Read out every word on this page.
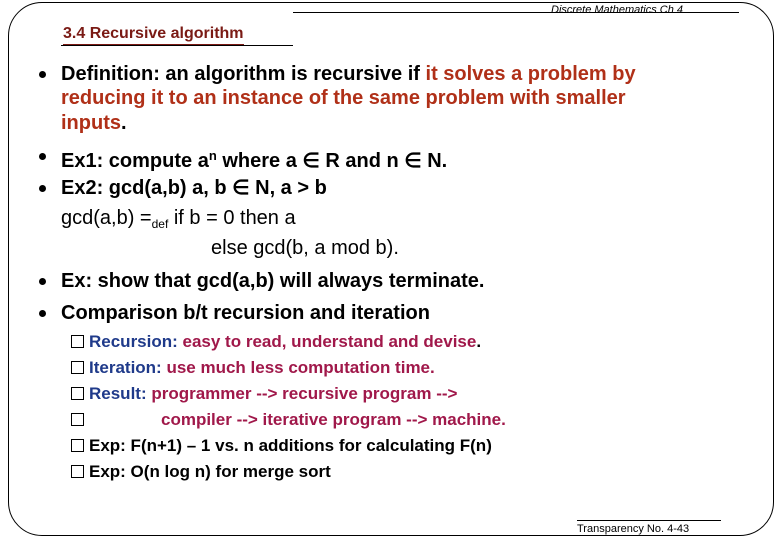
Discrete Mathematics Ch 4
3.4 Recursive algorithm
Definition: an algorithm is recursive if it solves a problem by
reducing it to an instance of the same problem with smaller
inputs.
Ex1: compute $a^n$ where a ∈ R and n ∈ N.
Ex2: gcd(a,b) a, b ∈ N, a > b
$\gcd(a,b) =_{def}$ if b = 0 then a
else gcd(b, a mod b).
Ex: show that gcd(a,b) will always terminate.
Comparison b/t recursion and iteration
Recursion: easy to read, understand and devise.
Iteration: use much less computation time.
Result: programmer --> recursive program -->
compiler --> iterative program --> machine.
Exp: F(n+1) – 1 vs. n additions for calculating F(n)
Exp: O(n log n) for merge sort
Transparency No. 4-43
